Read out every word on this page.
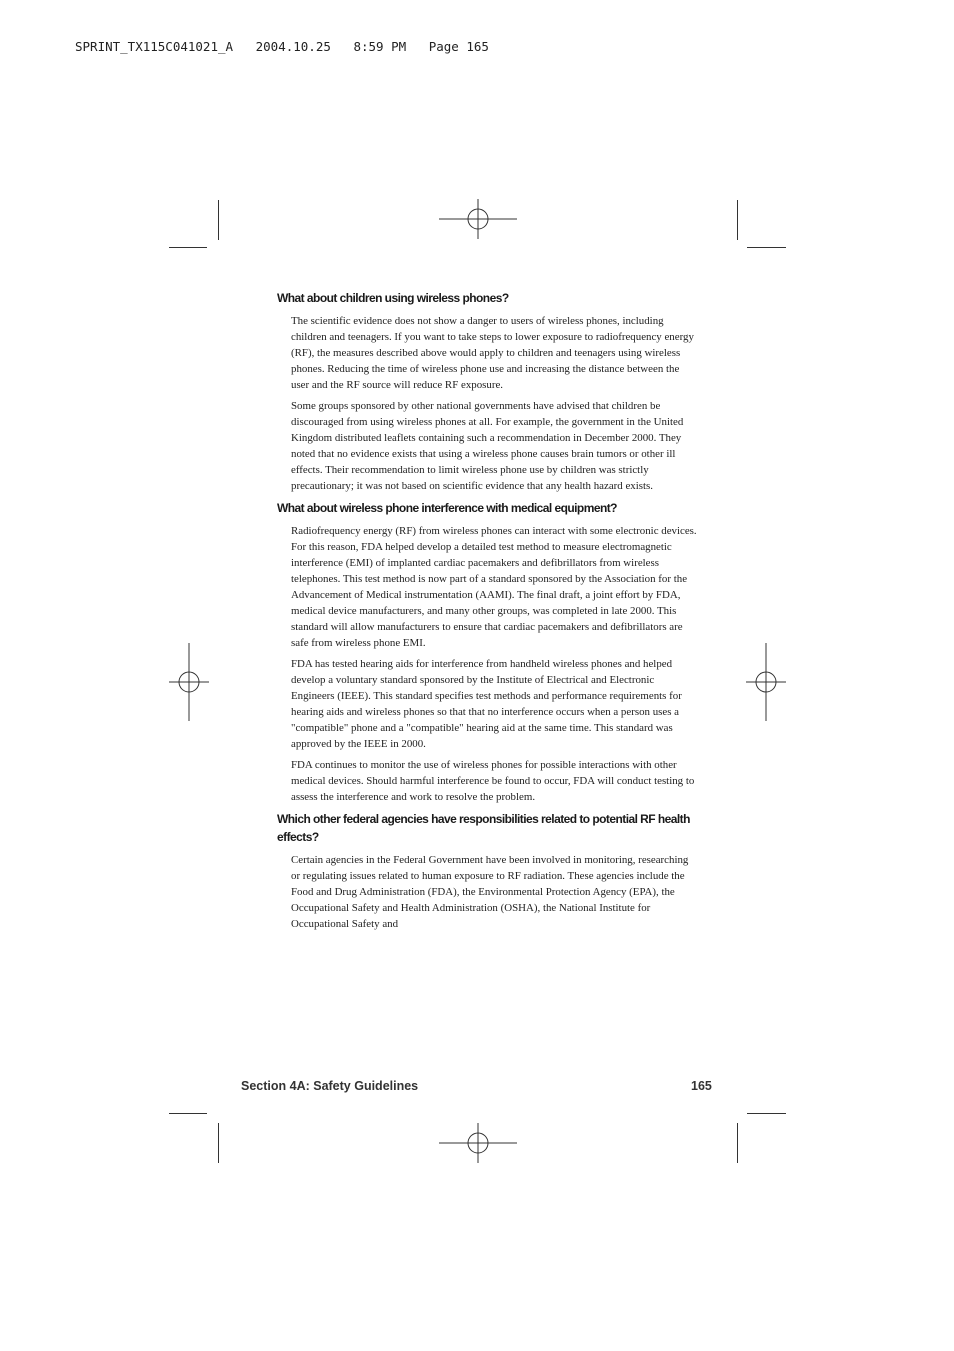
SPRINT_TX115C041021_A   2004.10.25   8:59 PM   Page 165
What about children using wireless phones?

The scientific evidence does not show a danger to users of wireless phones, including children and teenagers. If you want to take steps to lower exposure to radiofrequency energy (RF), the measures described above would apply to children and teenagers using wireless phones. Reducing the time of wireless phone use and increasing the distance between the user and the RF source will reduce RF exposure.

Some groups sponsored by other national governments have advised that children be discouraged from using wireless phones at all. For example, the government in the United Kingdom distributed leaflets containing such a recommendation in December 2000. They noted that no evidence exists that using a wireless phone causes brain tumors or other ill effects. Their recommendation to limit wireless phone use by children was strictly precautionary; it was not based on scientific evidence that any health hazard exists.

What about wireless phone interference with medical equipment?

Radiofrequency energy (RF) from wireless phones can interact with some electronic devices. For this reason, FDA helped develop a detailed test method to measure electromagnetic interference (EMI) of implanted cardiac pacemakers and defibrillators from wireless telephones. This test method is now part of a standard sponsored by the Association for the Advancement of Medical instrumentation (AAMI). The final draft, a joint effort by FDA, medical device manufacturers, and many other groups, was completed in late 2000. This standard will allow manufacturers to ensure that cardiac pacemakers and defibrillators are safe from wireless phone EMI.

FDA has tested hearing aids for interference from handheld wireless phones and helped develop a voluntary standard sponsored by the Institute of Electrical and Electronic Engineers (IEEE). This standard specifies test methods and performance requirements for hearing aids and wireless phones so that that no interference occurs when a person uses a "compatible" phone and a "compatible" hearing aid at the same time. This standard was approved by the IEEE in 2000.

FDA continues to monitor the use of wireless phones for possible interactions with other medical devices. Should harmful interference be found to occur, FDA will conduct testing to assess the interference and work to resolve the problem.

Which other federal agencies have responsibilities related to potential RF health effects?

Certain agencies in the Federal Government have been involved in monitoring, researching or regulating issues related to human exposure to RF radiation. These agencies include the Food and Drug Administration (FDA), the Environmental Protection Agency (EPA), the Occupational Safety and Health Administration (OSHA), the National Institute for Occupational Safety and

Section 4A: Safety Guidelines	165
